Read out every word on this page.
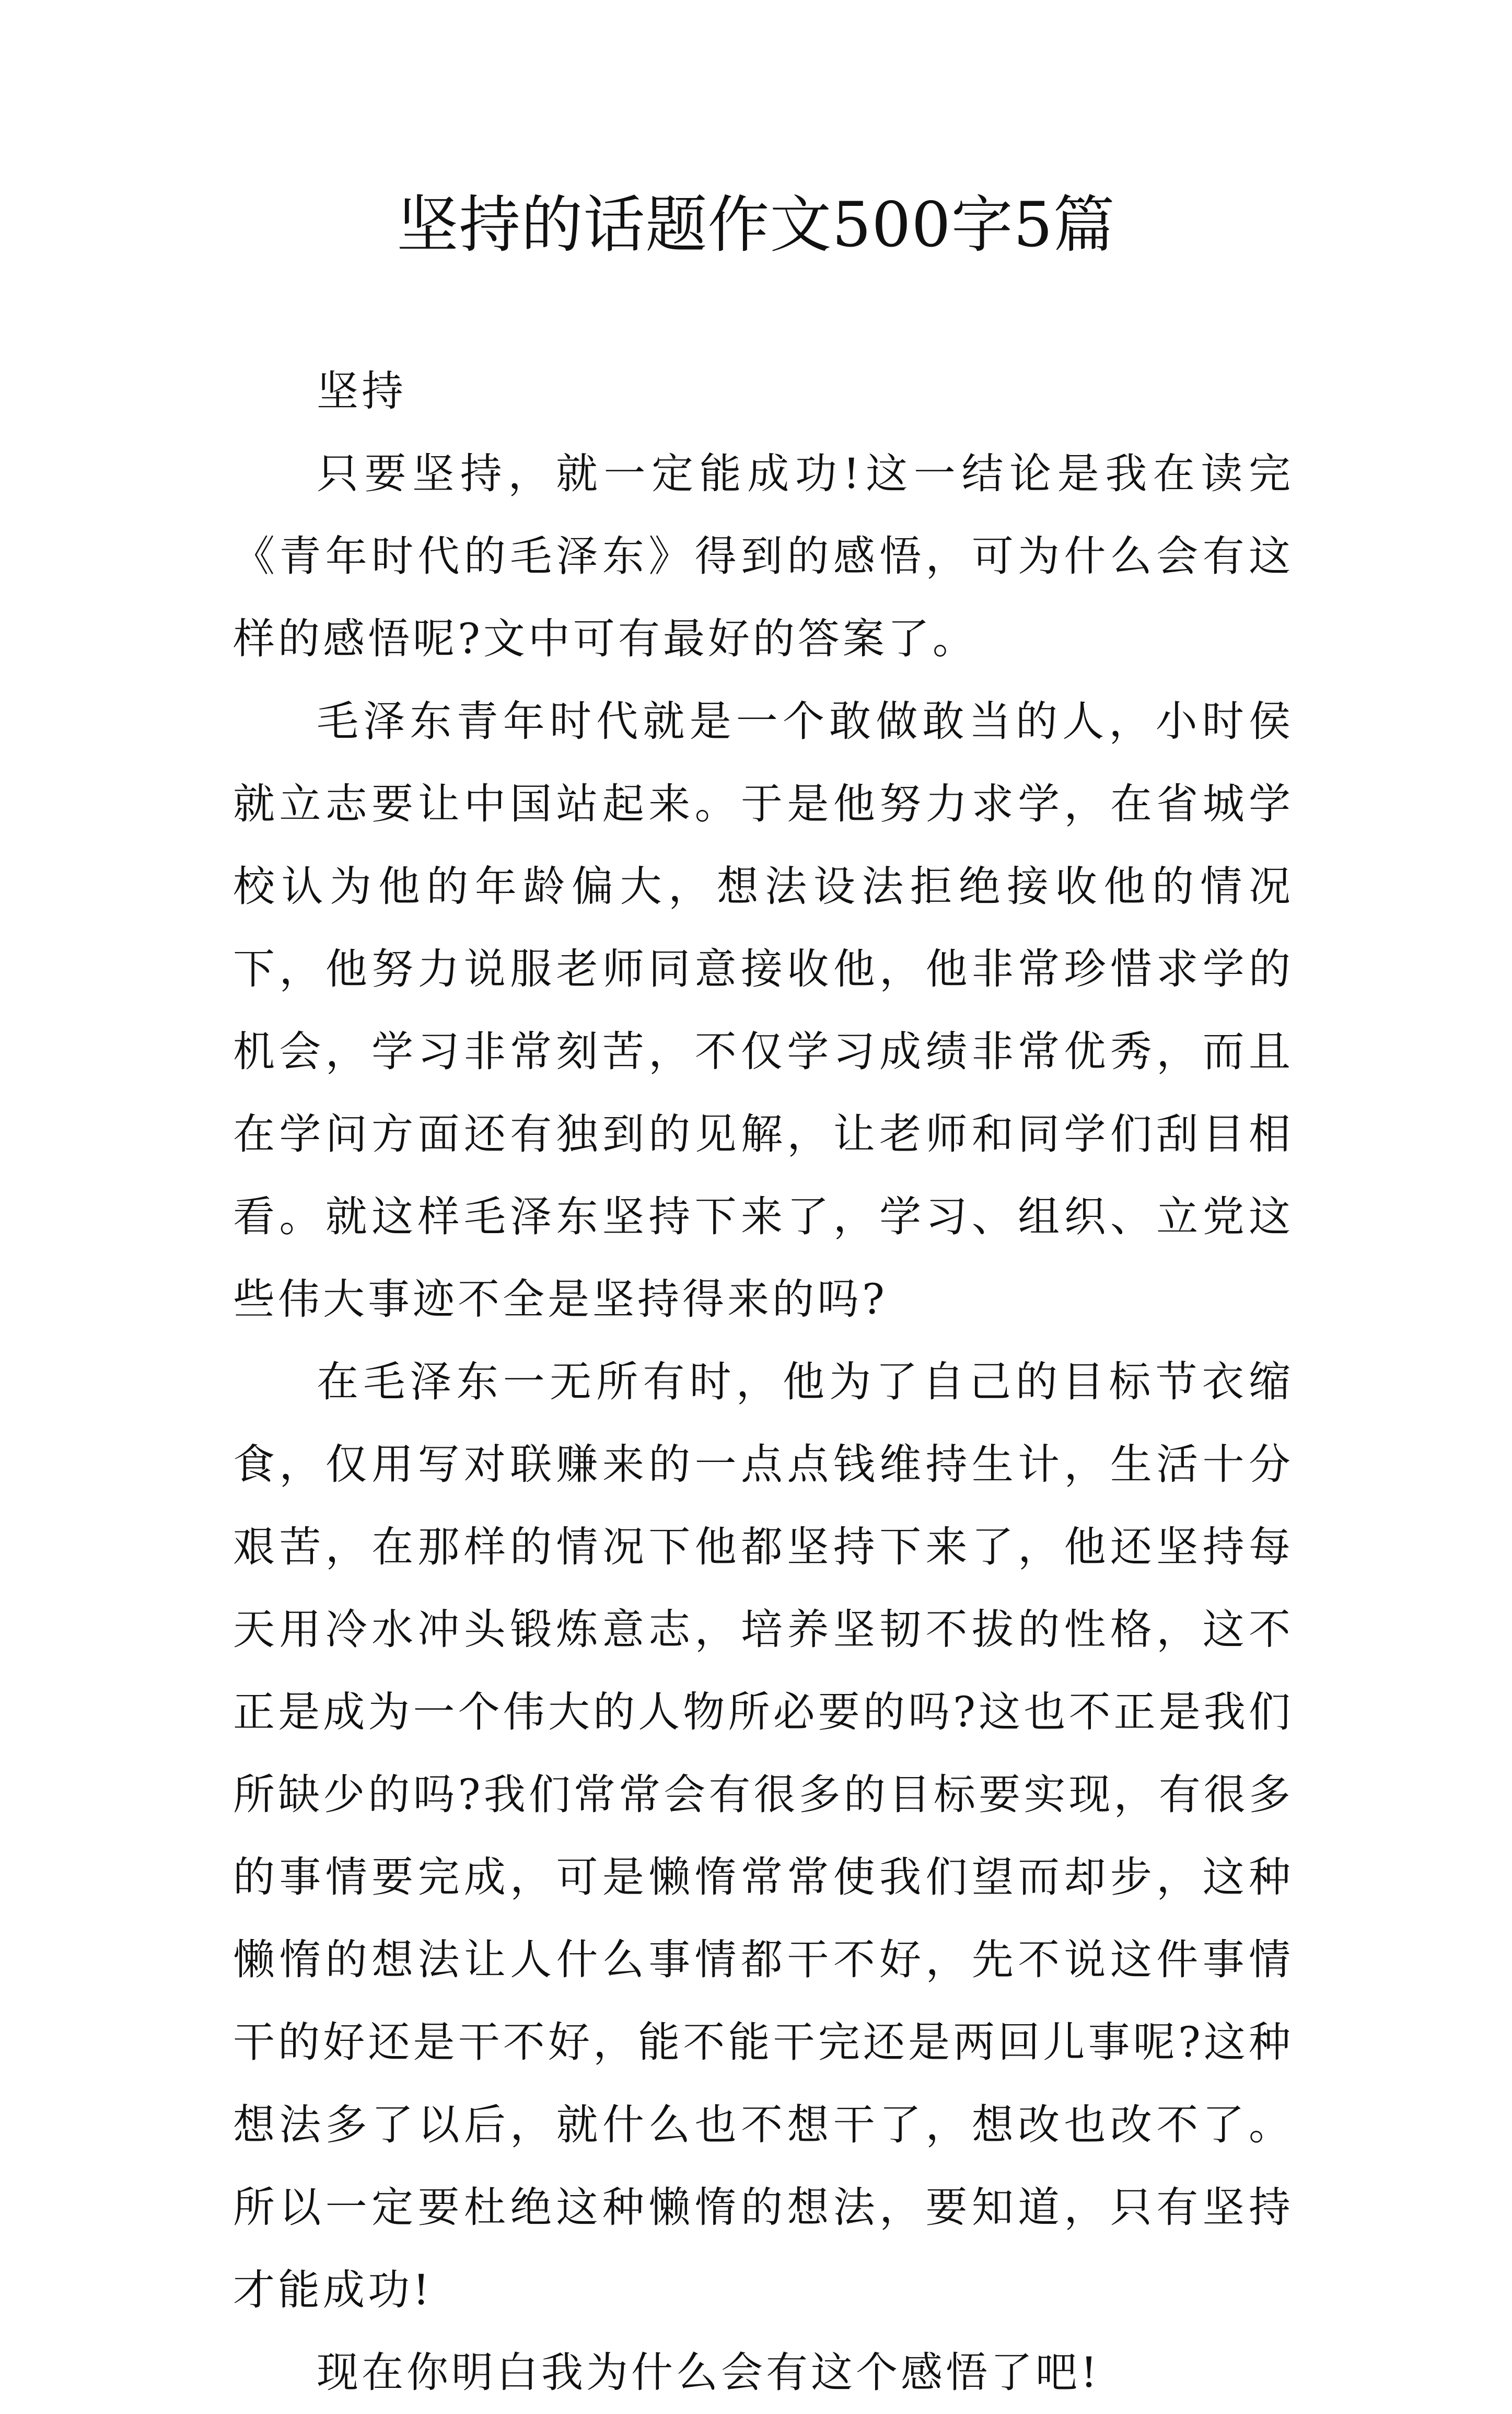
坚持的话题作文500字5篇

坚持

只要坚持，就一定能成功!这一结论是我在读完《青年时代的毛泽东》得到的感悟，可为什么会有这样的感悟呢?文中可有最好的答案了。

毛泽东青年时代就是一个敢做敢当的人，小时侯就立志要让中国站起来。于是他努力求学，在省城学校认为他的年龄偏大，想法设法拒绝接收他的情况下，他努力说服老师同意接收他，他非常珍惜求学的机会，学习非常刻苦，不仅学习成绩非常优秀，而且在学问方面还有独到的见解，让老师和同学们刮目相看。就这样毛泽东坚持下来了，学习、组织、立党这些伟大事迹不全是坚持得来的吗?

在毛泽东一无所有时，他为了自己的目标节衣缩食，仅用写对联赚来的一点点钱维持生计，生活十分艰苦，在那样的情况下他都坚持下来了，他还坚持每天用冷水冲头锻炼意志，培养坚韧不拔的性格，这不正是成为一个伟大的人物所必要的吗?这也不正是我们所缺少的吗?我们常常会有很多的目标要实现，有很多的事情要完成，可是懒惰常常使我们望而却步，这种懒惰的想法让人什么事情都干不好，先不说这件事情干的好还是干不好，能不能干完还是两回儿事呢?这种想法多了以后，就什么也不想干了，想改也改不了。所以一定要杜绝这种懒惰的想法，要知道，只有坚持才能成功!

现在你明白我为什么会有这个感悟了吧!
